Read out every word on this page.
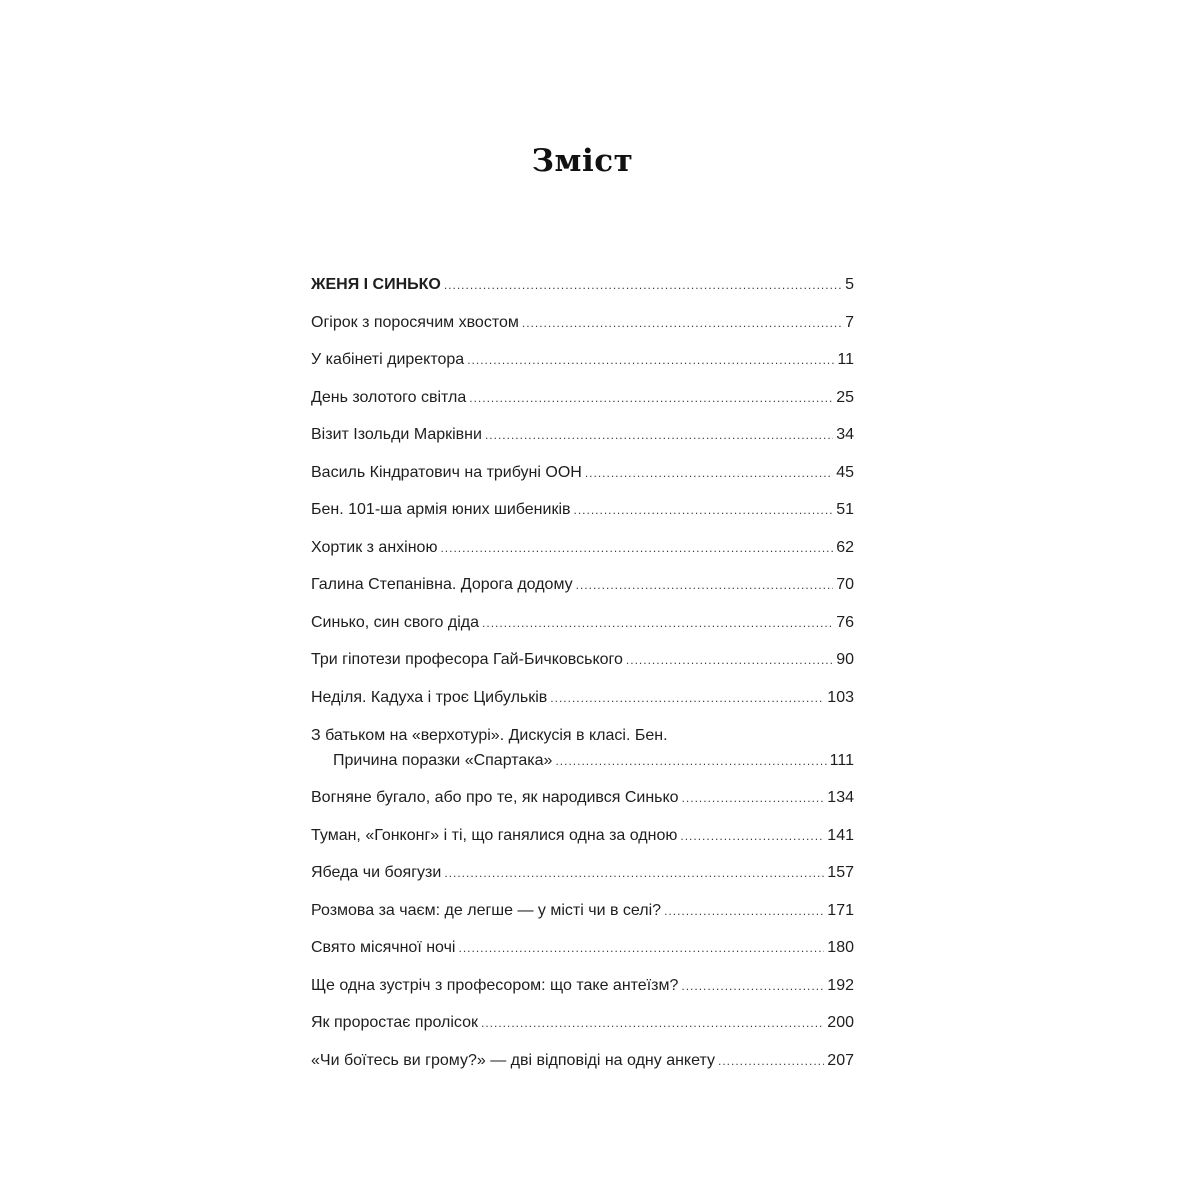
Зміст
ЖЕНЯ І СИНЬКО .....	5
Огірок з поросячим хвостом .....	7
У кабінеті директора .....	11
День золотого світла .....	25
Візит Ізольди Марківни .....	34
Василь Кіндратович на трибуні ООН .....	45
Бен. 101-ша армія юних шибеників .....	51
Хортик з анхіною .....	62
Галина Степанівна. Дорога додому .....	70
Синько, син свого діда .....	76
Три гіпотези професора Гай-Бичковського .....	90
Неділя. Кадуха і троє Цибульків .....	103
З батьком на «верхотурі». Дискусія в класі. Бен.
Причина поразки «Спартака» .....	111
Вогняне бугало, або про те, як народився Синько .....	134
Туман, «Гонконг» і ті, що ганялися одна за одною .....	141
Ябеда чи боягузи .....	157
Розмова за чаєм: де легше — у місті чи в селі? .....	171
Свято місячної ночі .....	180
Ще одна зустріч з професором: що таке антеїзм? .....	192
Як проростає пролісок .....	200
«Чи боїтесь ви грому?» — дві відповіді на одну анкету .....	207
